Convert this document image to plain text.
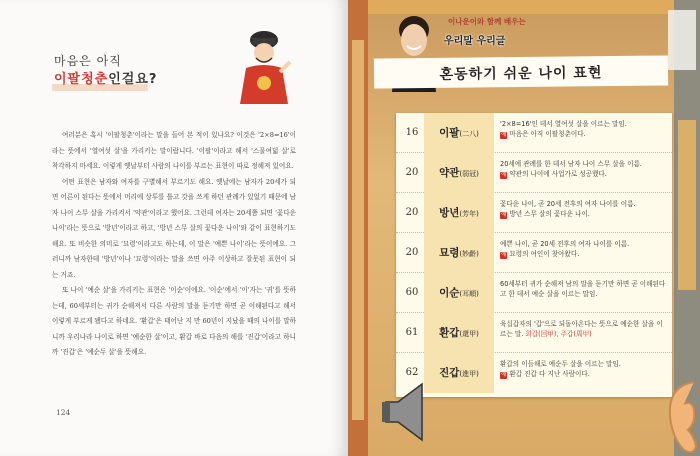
마음은 아직
이팔청춘인걸요?

여러분은 혹시 '이팔청춘'이라는 말을 들어 본 적이 있나요? 이것은 '2×8=16'이라는 뜻에서 '열여섯 살'을 가리키는 말이랍니다. '이팔'이라고 해서 '스물여덟 살'로 착각하지 마세요. 이렇게 옛날부터 사람의 나이를 부르는 표현이 따로 정해져 있어요.

어떤 표현은 남자와 여자를 구별해서 부르기도 해요. 옛날에는 남자가 20세가 되면 어른이 된다는 뜻에서 머리에 상투를 틀고 갓을 쓰게 하던 관례가 있었기 때문에 남자 나이 스무 살을 가리켜서 '약관'이라고 했어요. 그런데 여자는 20세쯤 되면 '꽃다운 나이'라는 뜻으로 '방년'이라고 하고, '방년 스무 살의 꽃다운 나이'와 같이 표현하기도 해요. 또 비슷한 의미로 '묘령'이라고도 하는데, 이 말은 '예쁜 나이'라는 뜻이에요. 그러니까 남자한테 '방년'이나 '묘령'이라는 말을 쓰면 아주 이상하고 잘못된 표현이 되는 거죠.

또 나이 '예순 살'을 가리키는 표현은 '이순'이에요. '이순'에서 '이'자는 '귀'를 뜻하는데, 60세부터는 귀가 순해져서 다른 사람의 말을 듣기만 하면 곧 이해된다고 해서 이렇게 부르게 됐다고 하네요. '환갑'은 태어난 지 만 60년이 지났을 때의 나이를 말하니까 우리나라 나이로 하면 '예순한 살'이고, 환갑 바로 다음의 해를 '진갑'이라고 하니까 '진갑'은 '예순두 살'을 뜻해요.

124
이나운이와 함께 배우는
우리말 우리글
혼동하기 쉬운 나이 표현
16	이팔(二八)
'2×8=16'인 데서 열여섯 살을 이르는 말임.
예 마음은 아직 이팔청춘이다.
20	약관(弱冠)
20세에 관례를 한 데서 남자 나이 스무 살을 이름.
예 약관의 나이에 사업가로 성공했다.
20	방년(芳年)
꽃다운 나이, 곧 20세 전후의 여자 나이를 이름.
예 방년 스무 살의 꽃다운 나이.
20	묘령(妙齡)
예쁜 나이, 곧 20세 전후의 여자 나이를 이름.
예 묘령의 여인이 찾아왔다.
60	이순(耳順)
60세부터 귀가 순해져 남의 말을 듣기만 하면 곧 이해된다고 한 데서 예순 살을 이르는 말임.
61	환갑(還甲)
육십갑자의 '갑'으로 되돌아온다는 뜻으로 예순한 살을 이르는 말. 회갑(回甲), 주갑(周甲)
62	진갑(進甲)
환갑의 이듬해로 예순두 살을 이르는 말임.
예 환갑 진갑 다 지난 사람이다.
